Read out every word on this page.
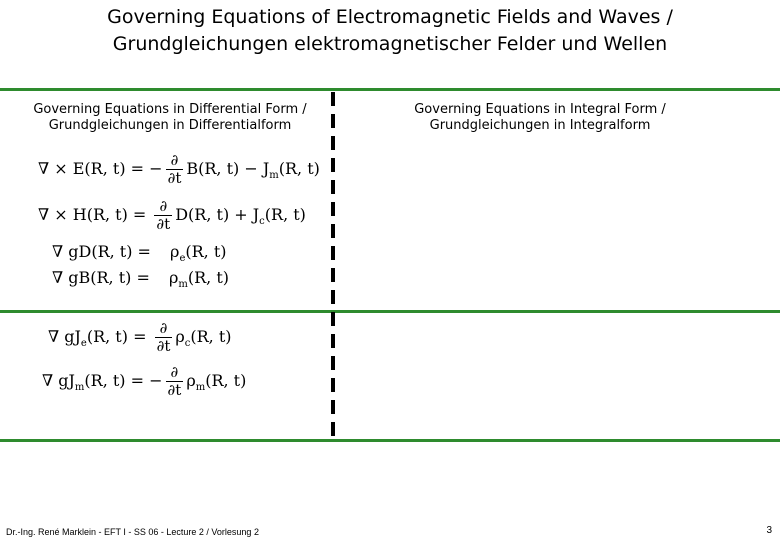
Governing Equations of Electromagnetic Fields and Waves /
Grundgleichungen elektromagnetischer Felder und Wellen
Governing Equations in Differential Form /
Grundgleichungen in Differentialform
Governing Equations in Integral Form /
Grundgleichungen in Integralform
∇ × E(R, t) = − $\frac{\partial}{\partial t} B(R$, $t) - J_m(R$, t)
∇ × H(R, $t) = \frac{\partial}{\partial t} D(R$, $t) + J_c(R$, t)
∇ gD(R, $t) = \rho_e(R$, t)
∇ gB(R, $t) = \rho_m(R$, t)
∇ $gJ_e(R$, $t) = \frac{\partial}{\partial t} \rho_c(R$, t)
∇ $gJ_m(R$, t) = − $\frac{\partial}{\partial t} \rho_m(R$, t)
Dr.-Ing. René Marklein - EFT I - SS 06 - Lecture 2 / Vorlesung 2	3
